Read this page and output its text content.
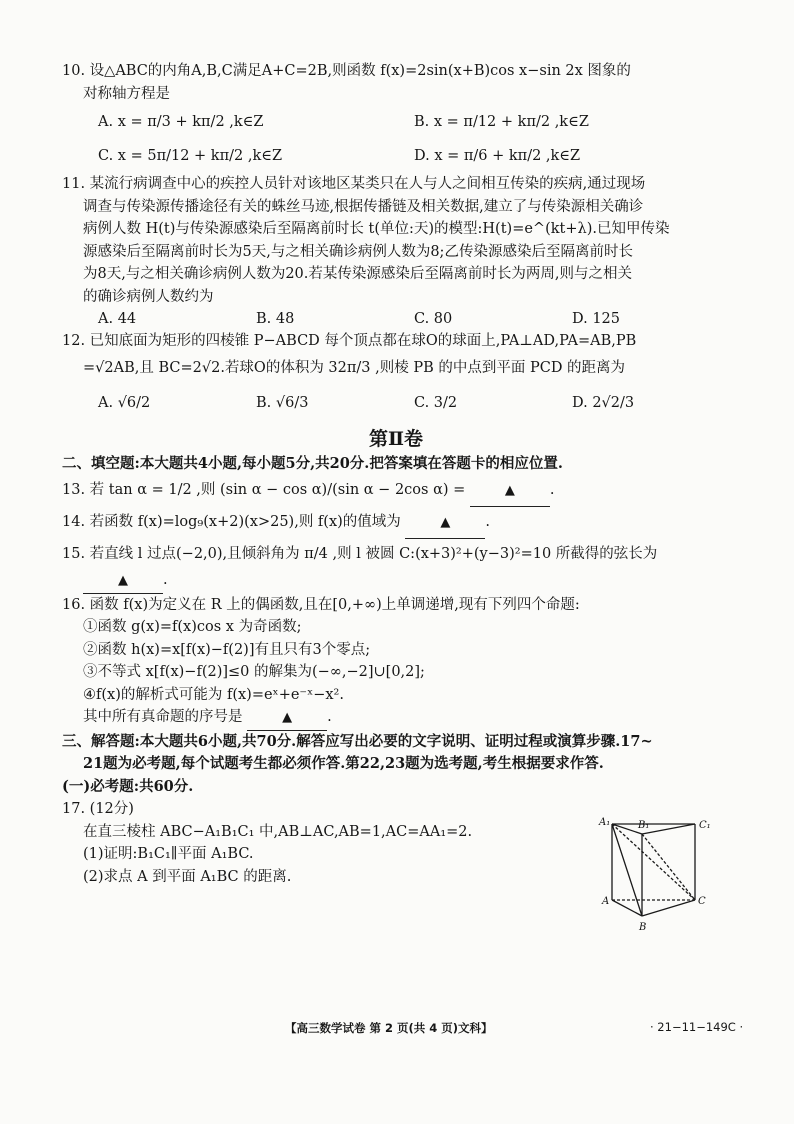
10. 设△ABC的内角A,B,C满足A+C=2B,则函数 f(x)=2sin(x+B)cos x−sin 2x 图象的
对称轴方程是
A. x = π/3 + kπ/2 ,k∈Z	B. x = π/12 + kπ/2 ,k∈Z
C. x = 5π/12 + kπ/2 ,k∈Z	D. x = π/6 + kπ/2 ,k∈Z
11. 某流行病调查中心的疾控人员针对该地区某类只在人与人之间相互传染的疾病,通过现场
调查与传染源传播途径有关的蛛丝马迹,根据传播链及相关数据,建立了与传染源相关确诊
病例人数 H(t)与传染源感染后至隔离前时长 t(单位:天)的模型:H(t)=e^(kt+λ).已知甲传染
源感染后至隔离前时长为5天,与之相关确诊病例人数为8;乙传染源感染后至隔离前时长
为8天,与之相关确诊病例人数为20.若某传染源感染后至隔离前时长为两周,则与之相关
的确诊病例人数约为
A. 44	B. 48	C. 80	D. 125
12. 已知底面为矩形的四棱锥 P−ABCD 每个顶点都在球O的球面上,PA⊥AD,PA=AB,PB
=√2AB,且 BC=2√2.若球O的体积为 32π/3 ,则棱 PB 的中点到平面 PCD 的距离为
A. √6/2	B. √6/3	C. 3/2	D. 2√2/3
第Ⅱ卷
二、填空题:本大题共4小题,每小题5分,共20分.把答案填在答题卡的相应位置.
13. 若 tan α = 1/2 ,则 (sin α − cos α)/(sin α − 2cos α) =	▲ .
14. 若函数 f(x)=log₉(x+2)(x>25),则 f(x)的值域为	▲ .
15. 若直线 l 过点(−2,0),且倾斜角为 π/4 ,则 l 被圆 C:(x+3)²+(y−3)²=10 所截得的弦长为
▲ .
16. 函数 f(x)为定义在 R 上的偶函数,且在[0,+∞)上单调递增,现有下列四个命题:
①函数 g(x)=f(x)cos x 为奇函数;
②函数 h(x)=x[f(x)−f(2)]有且只有3个零点;
③不等式 x[f(x)−f(2)]≤0 的解集为(−∞,−2]∪[0,2];
④f(x)的解析式可能为 f(x)=eˣ+e⁻ˣ−x².
其中所有真命题的序号是	▲ .
三、解答题:本大题共6小题,共70分.解答应写出必要的文字说明、证明过程或演算步骤.17~
21题为必考题,每个试题考生都必须作答.第22,23题为选考题,考生根据要求作答.
(一)必考题:共60分.
17. (12分)
在直三棱柱 ABC−A₁B₁C₁ 中,AB⊥AC,AB=1,AC=AA₁=2.
(1)证明:B₁C₁∥平面 A₁BC.
(2)求点 A 到平面 A₁BC 的距离.
A₁	B₁	C₁
A
B
C
【高三数学试卷 第 2 页(共 4 页)文科】	· 21−11−149C ·
